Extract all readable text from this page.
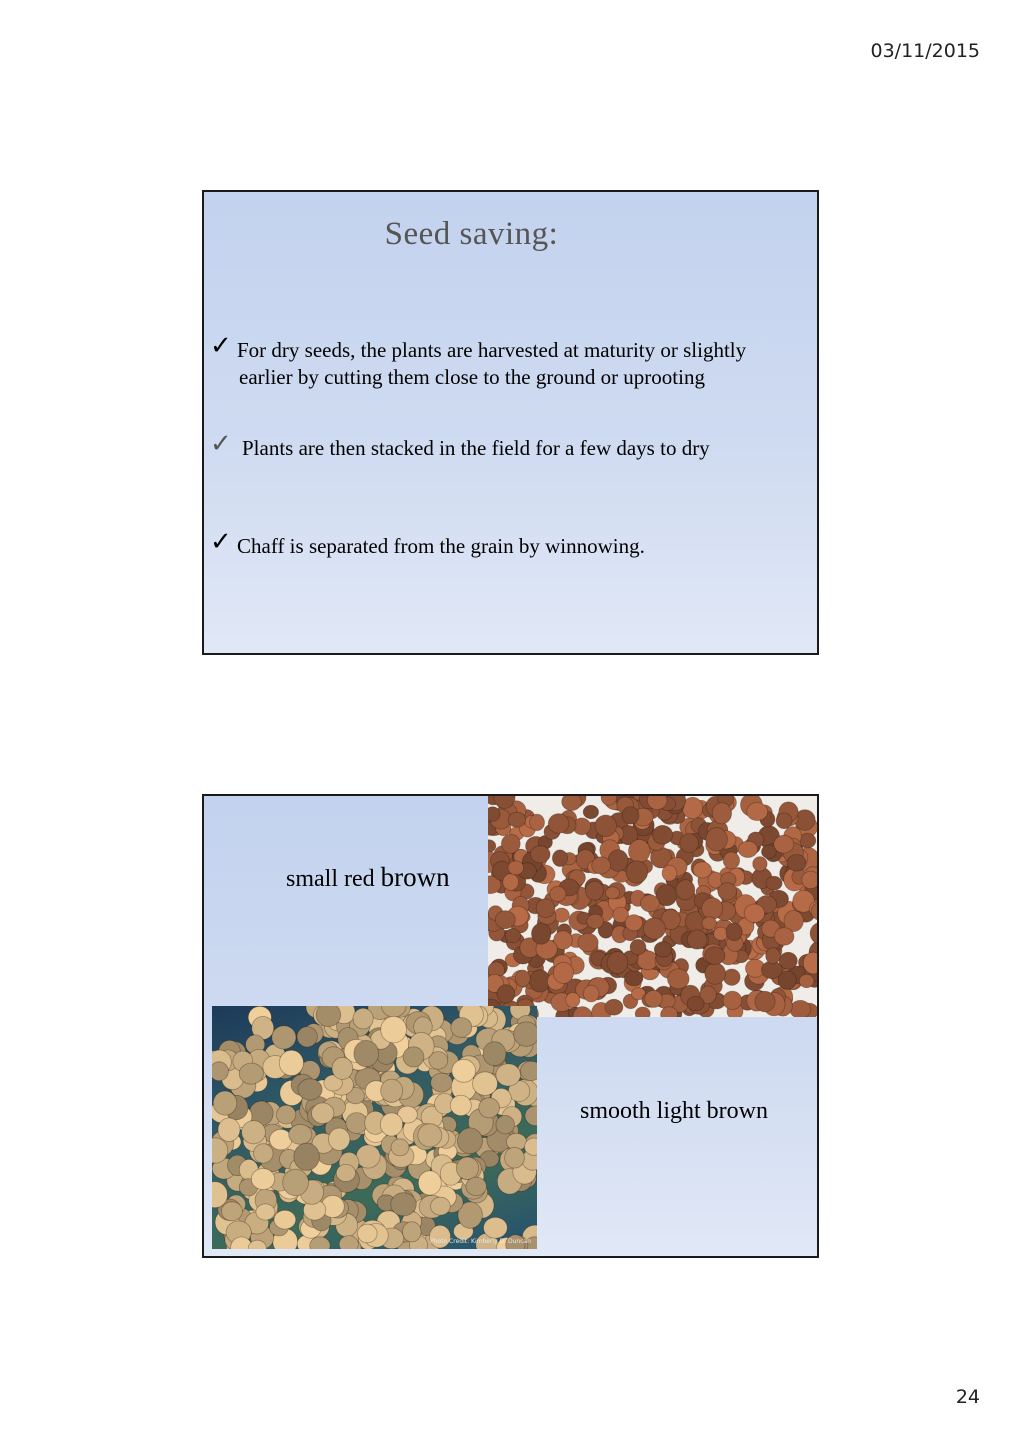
03/11/2015
Seed saving:
✓ For dry seeds, the plants are harvested at maturity or slightly
earlier by cutting them close to the ground or uprooting
✓ Plants are then stacked in the field for a few days to dry
✓ Chaff is separated from the grain by winnowing.
small red brown
Photo Credit: Kimberly D. Duncan
smooth light brown
24
